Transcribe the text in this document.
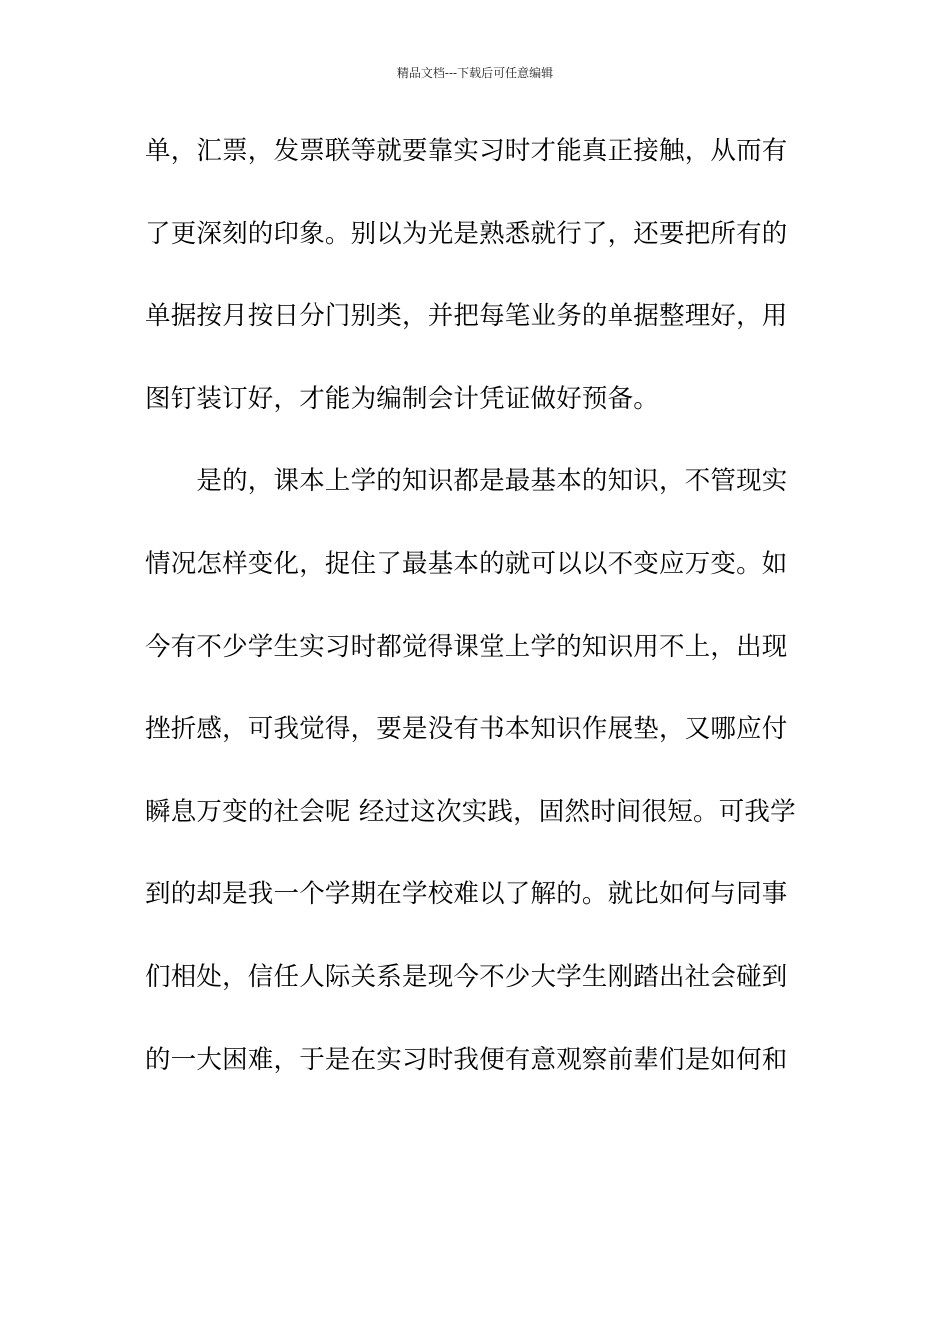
精品文档---下载后可任意编辑
单，汇票，发票联等就要靠实习时才能真正接触，从而有
了更深刻的印象。别以为光是熟悉就行了，还要把所有的
单据按月按日分门别类，并把每笔业务的单据整理好，用
图钉装订好，才能为编制会计凭证做好预备。
　　是的，课本上学的知识都是最基本的知识，不管现实
情况怎样变化，捉住了最基本的就可以以不变应万变。如
今有不少学生实习时都觉得课堂上学的知识用不上，出现
挫折感，可我觉得，要是没有书本知识作展垫，又哪应付
瞬息万变的社会呢 经过这次实践，固然时间很短。可我学
到的却是我一个学期在学校难以了解的。就比如何与同事
们相处，信任人际关系是现今不少大学生刚踏出社会碰到
的一大困难，于是在实习时我便有意观察前辈们是如何和
